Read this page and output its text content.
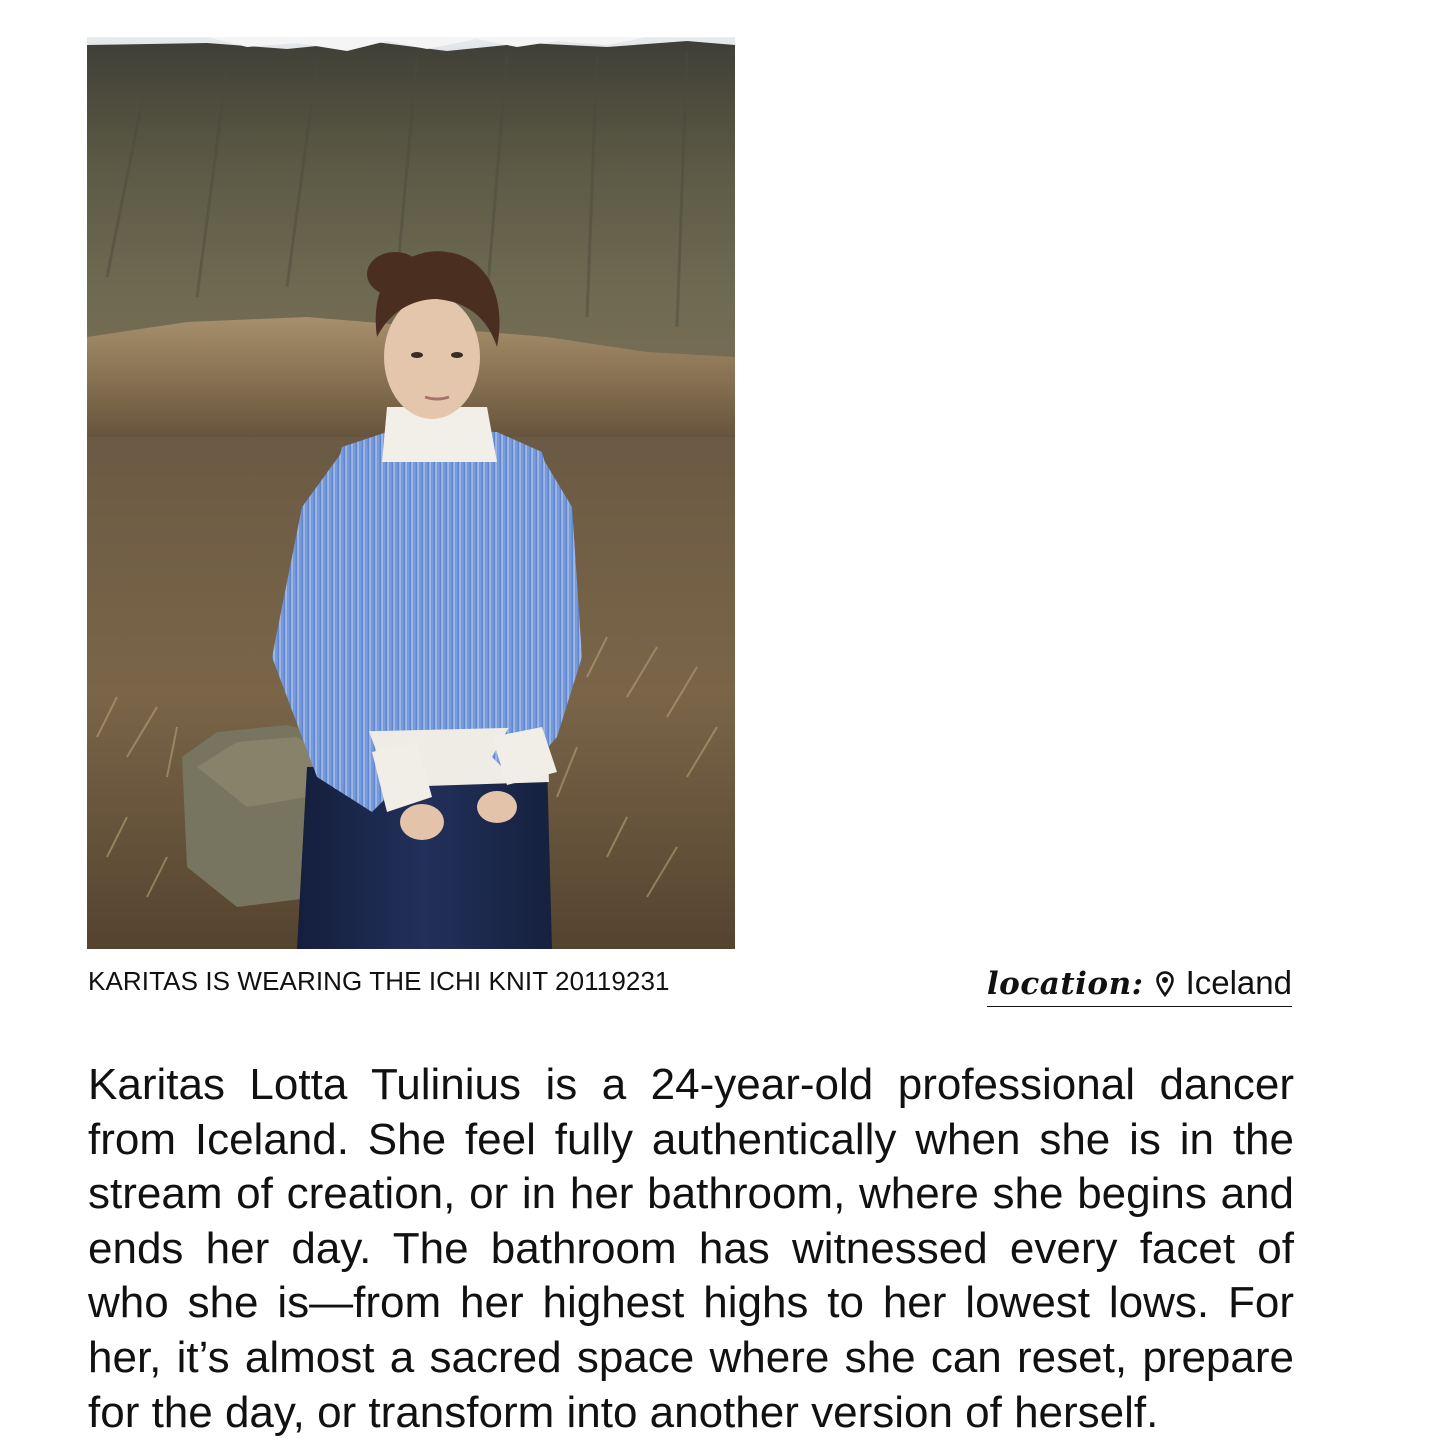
KARITAS IS WEARING THE ICHI KNIT 20119231	location: Iceland

Karitas Lotta Tulinius is a 24-year-old professional dancer from Iceland. She feel fully authentically when she is in the stream of creation, or in her bathroom, where she begins and ends her day. The bathroom has witnessed every facet of who she is—from her highest highs to her lowest lows. For her, it’s almost a sacred space where she can reset, prepare for the day, or transform into another version of herself.
